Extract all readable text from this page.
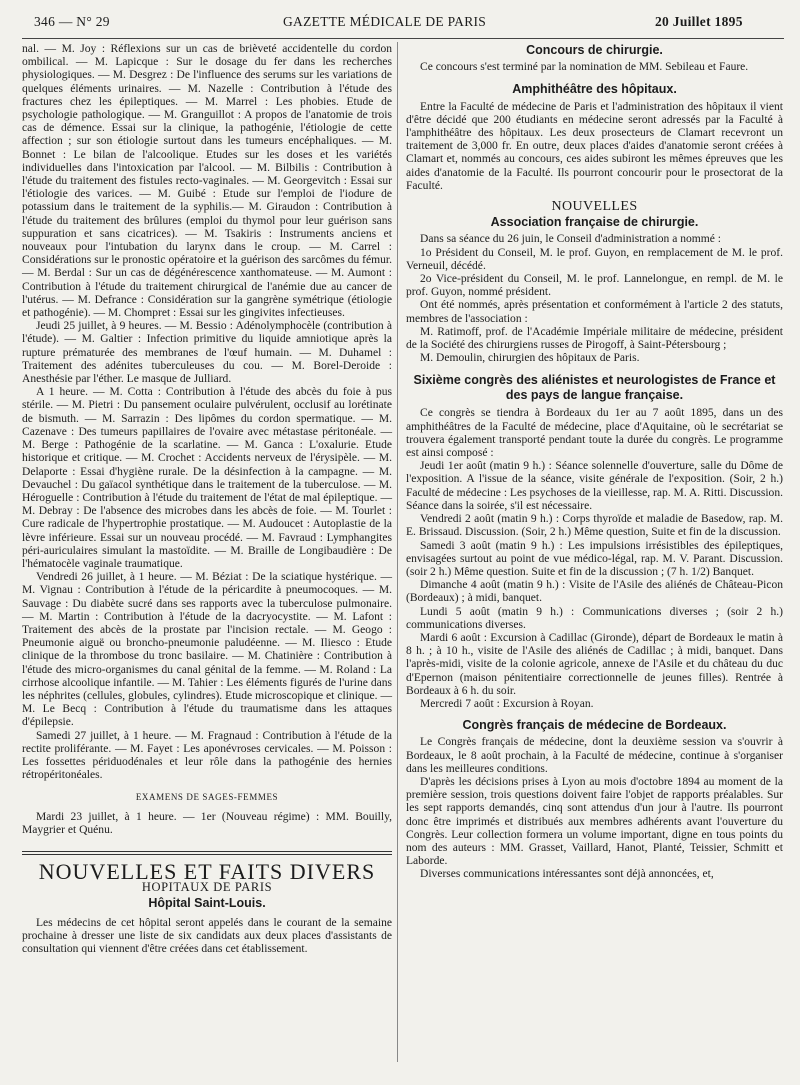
346 — N° 29	GAZETTE MÉDICALE DE PARIS	20 Juillet 1895

nal. — M. Joy : Réflexions sur un cas de brièveté accidentelle du cordon ombilical. — M. Lapicque : Sur le dosage du fer dans les recherches physiologiques. — M. Desgrez : De l'influence des serums sur les variations de quelques éléments urinaires. — M. Nazelle : Contribution à l'étude des fractures chez les épileptiques. — M. Marrel : Les phobies. Etude de psychologie pathologique. — M. Granguillot : A propos de l'anatomie de trois cas de démence. Essai sur la clinique, la pathogénie, l'étiologie de cette affection ; sur son étiologie surtout dans les tumeurs encéphaliques. — M. Bonnet : Le bilan de l'alcoolique. Etudes sur les doses et les variétés individuelles dans l'intoxication par l'alcool. — M. Bilbilis : Contribution à l'étude du traitement des fistules recto-vaginales. — M. Georgevitch : Essai sur l'étiologie des varices. — M. Guibé : Etude sur l'emploi de l'iodure de potassium dans le traitement de la syphilis.— M. Giraudon : Contribution à l'étude du traitement des brûlures (emploi du thymol pour leur guérison sans suppuration et sans cicatrices). — M. Tsakiris : Instruments anciens et nouveaux pour l'intubation du larynx dans le croup. — M. Carrel : Considérations sur le pronostic opératoire et la guérison des sarcômes du fémur. — M. Berdal : Sur un cas de dégénérescence xanthomateuse. — M. Aumont : Contribution à l'étude du traitement chirurgical de l'anémie due au cancer de l'utérus. — M. Defrance : Considération sur la gangrène symétrique (étiologie et pathogénie). — M. Chompret : Essai sur les gingivites infectieuses.

Jeudi 25 juillet, à 9 heures. — M. Bessio : Adénolymphocèle (contribution à l'étude). — M. Galtier : Infection primitive du liquide amniotique après la rupture prématurée des membranes de l'œuf humain. — M. Duhamel : Traitement des adénites tuberculeuses du cou. — M. Borel-Deroide : Anesthésie par l'éther. Le masque de Julliard.

A 1 heure. — M. Cotta : Contribution à l'étude des abcès du foie à pus stérile. — M. Pietri : Du pansement oculaire pulvérulent, occlusif au lorétinate de bismuth. — M. Sarrazin : Des lipômes du cordon spermatique. — M. Cazenave : Des tumeurs papillaires de l'ovaire avec métastase péritonéale. — M. Berge : Pathogénie de la scarlatine. — M. Ganca : L'oxalurie. Etude historique et critique. — M. Crochet : Accidents nerveux de l'érysipèle. — M. Delaporte : Essai d'hygiène rurale. De la désinfection à la campagne. — M. Devauchel : Du gaïacol synthétique dans le traitement de la tuberculose. — M. Héroguelle : Contribution à l'étude du traitement de l'état de mal épileptique. — M. Debray : De l'absence des microbes dans les abcès de foie. — M. Tourlet : Cure radicale de l'hypertrophie prostatique. — M. Audoucet : Autoplastie de la lèvre inférieure. Essai sur un nouveau procédé. — M. Favraud : Lymphangites péri-auriculaires simulant la mastoïdite. — M. Braille de Longibaudière : De l'hématocèle vaginale traumatique.

Vendredi 26 juillet, à 1 heure. — M. Béziat : De la sciatique hystérique. — M. Vignau : Contribution à l'étude de la péricardite à pneumocoques. — M. Sauvage : Du diabète sucré dans ses rapports avec la tuberculose pulmonaire. — M. Martin : Contribution à l'étude de la dacryocystite. — M. Lafont : Traitement des abcès de la prostate par l'incision rectale. — M. Geogo : Pneumonie aiguë ou broncho-pneumonie paludéenne. — M. Iliesco : Etude clinique de la thrombose du tronc basilaire. — M. Chatinière : Contribution à l'étude des micro-organismes du canal génital de la femme. — M. Roland : La cirrhose alcoolique infantile. — M. Tahier : Les éléments figurés de l'urine dans les néphrites (cellules, globules, cylindres). Etude microscopique et clinique. — M. Le Becq : Contribution à l'étude du traumatisme dans les attaques d'épilepsie.

Samedi 27 juillet, à 1 heure. — M. Fragnaud : Contribution à l'étude de la rectite proliférante. — M. Fayet : Les aponévroses cervicales. — M. Poisson : Les fossettes périduodénales et leur rôle dans la pathogénie des hernies rétropéritonéales.

EXAMENS DE SAGES-FEMMES

Mardi 23 juillet, à 1 heure. — 1er (Nouveau régime) : MM. Bouilly, Maygrier et Quénu.

NOUVELLES ET FAITS DIVERS
HOPITAUX DE PARIS
Hôpital Saint-Louis.

Les médecins de cet hôpital seront appelés dans le courant de la semaine prochaine à dresser une liste de six candidats aux deux places d'assistants de consultation qui viennent d'être créées dans cet établissement.

Concours de chirurgie.

Ce concours s'est terminé par la nomination de MM. Sebileau et Faure.

Amphithéâtre des hôpitaux.

Entre la Faculté de médecine de Paris et l'administration des hôpitaux il vient d'être décidé que 200 étudiants en médecine seront adressés par la Faculté à l'amphithéâtre des hôpitaux. Les deux prosecteurs de Clamart recevront un traitement de 3,000 fr. En outre, deux places d'aides d'anatomie seront créées à Clamart et, nommés au concours, ces aides subiront les mêmes épreuves que les aides d'anatomie de la Faculté. Ils pourront concourir pour le prosectorat de la Faculté.

NOUVELLES
Association française de chirurgie.

Dans sa séance du 26 juin, le Conseil d'administration a nommé :

1o Président du Conseil, M. le prof. Guyon, en remplacement de M. le prof. Verneuil, décédé.

2o Vice-président du Conseil, M. le prof. Lannelongue, en rempl. de M. le prof. Guyon, nommé président.

Ont été nommés, après présentation et conformément à l'article 2 des statuts, membres de l'association :

M. Ratimoff, prof. de l'Académie Impériale militaire de médecine, président de la Société des chirurgiens russes de Pirogoff, à Saint-Pétersbourg ;

M. Demoulin, chirurgien des hôpitaux de Paris.

Sixième congrès des aliénistes et neurologistes de France et des pays de langue française.

Ce congrès se tiendra à Bordeaux du 1er au 7 août 1895, dans un des amphithéâtres de la Faculté de médecine, place d'Aquitaine, où le secrétariat se trouvera également transporté pendant toute la durée du congrès. Le programme est ainsi composé :

Jeudi 1er août (matin 9 h.) : Séance solennelle d'ouverture, salle du Dôme de l'exposition. A l'issue de la séance, visite générale de l'exposition. (Soir, 2 h.) Faculté de médecine : Les psychoses de la vieillesse, rap. M. A. Ritti. Discussion. Séance dans la soirée, s'il est nécessaire.

Vendredi 2 août (matin 9 h.) : Corps thyroïde et maladie de Basedow, rap. M. E. Brissaud. Discussion. (Soir, 2 h.) Même question, Suite et fin de la discussion.

Samedi 3 août (matin 9 h.) : Les impulsions irrésistibles des épileptiques, envisagées surtout au point de vue médico-légal, rap. M. V. Parant. Discussion. (soir 2 h.) Même question. Suite et fin de la discussion ; (7 h. 1/2) Banquet.

Dimanche 4 août (matin 9 h.) : Visite de l'Asile des aliénés de Château-Picon (Bordeaux) ; à midi, banquet.

Lundi 5 août (matin 9 h.) : Communications diverses ; (soir 2 h.) communications diverses.

Mardi 6 août : Excursion à Cadillac (Gironde), départ de Bordeaux le matin à 8 h. ; à 10 h., visite de l'Asile des aliénés de Cadillac ; à midi, banquet. Dans l'après-midi, visite de la colonie agricole, annexe de l'Asile et du château du duc d'Epernon (maison pénitentiaire correctionnelle de jeunes filles). Rentrée à Bordeaux à 6 h. du soir.

Mercredi 7 août : Excursion à Royan.

Congrès français de médecine de Bordeaux.

Le Congrès français de médecine, dont la deuxième session va s'ouvrir à Bordeaux, le 8 août prochain, à la Faculté de médecine, continue à s'organiser dans les meilleures conditions.

D'après les décisions prises à Lyon au mois d'octobre 1894 au moment de la première session, trois questions doivent faire l'objet de rapports préalables. Sur les sept rapports demandés, cinq sont attendus d'un jour à l'autre. Ils pourront donc être imprimés et distribués aux membres adhérents avant l'ouverture du Congrès. Leur collection formera un volume important, digne en tous points du nom des auteurs : MM. Grasset, Vaillard, Hanot, Planté, Teissier, Schmitt et Laborde.

Diverses communications intéressantes sont déjà annoncées, et,
